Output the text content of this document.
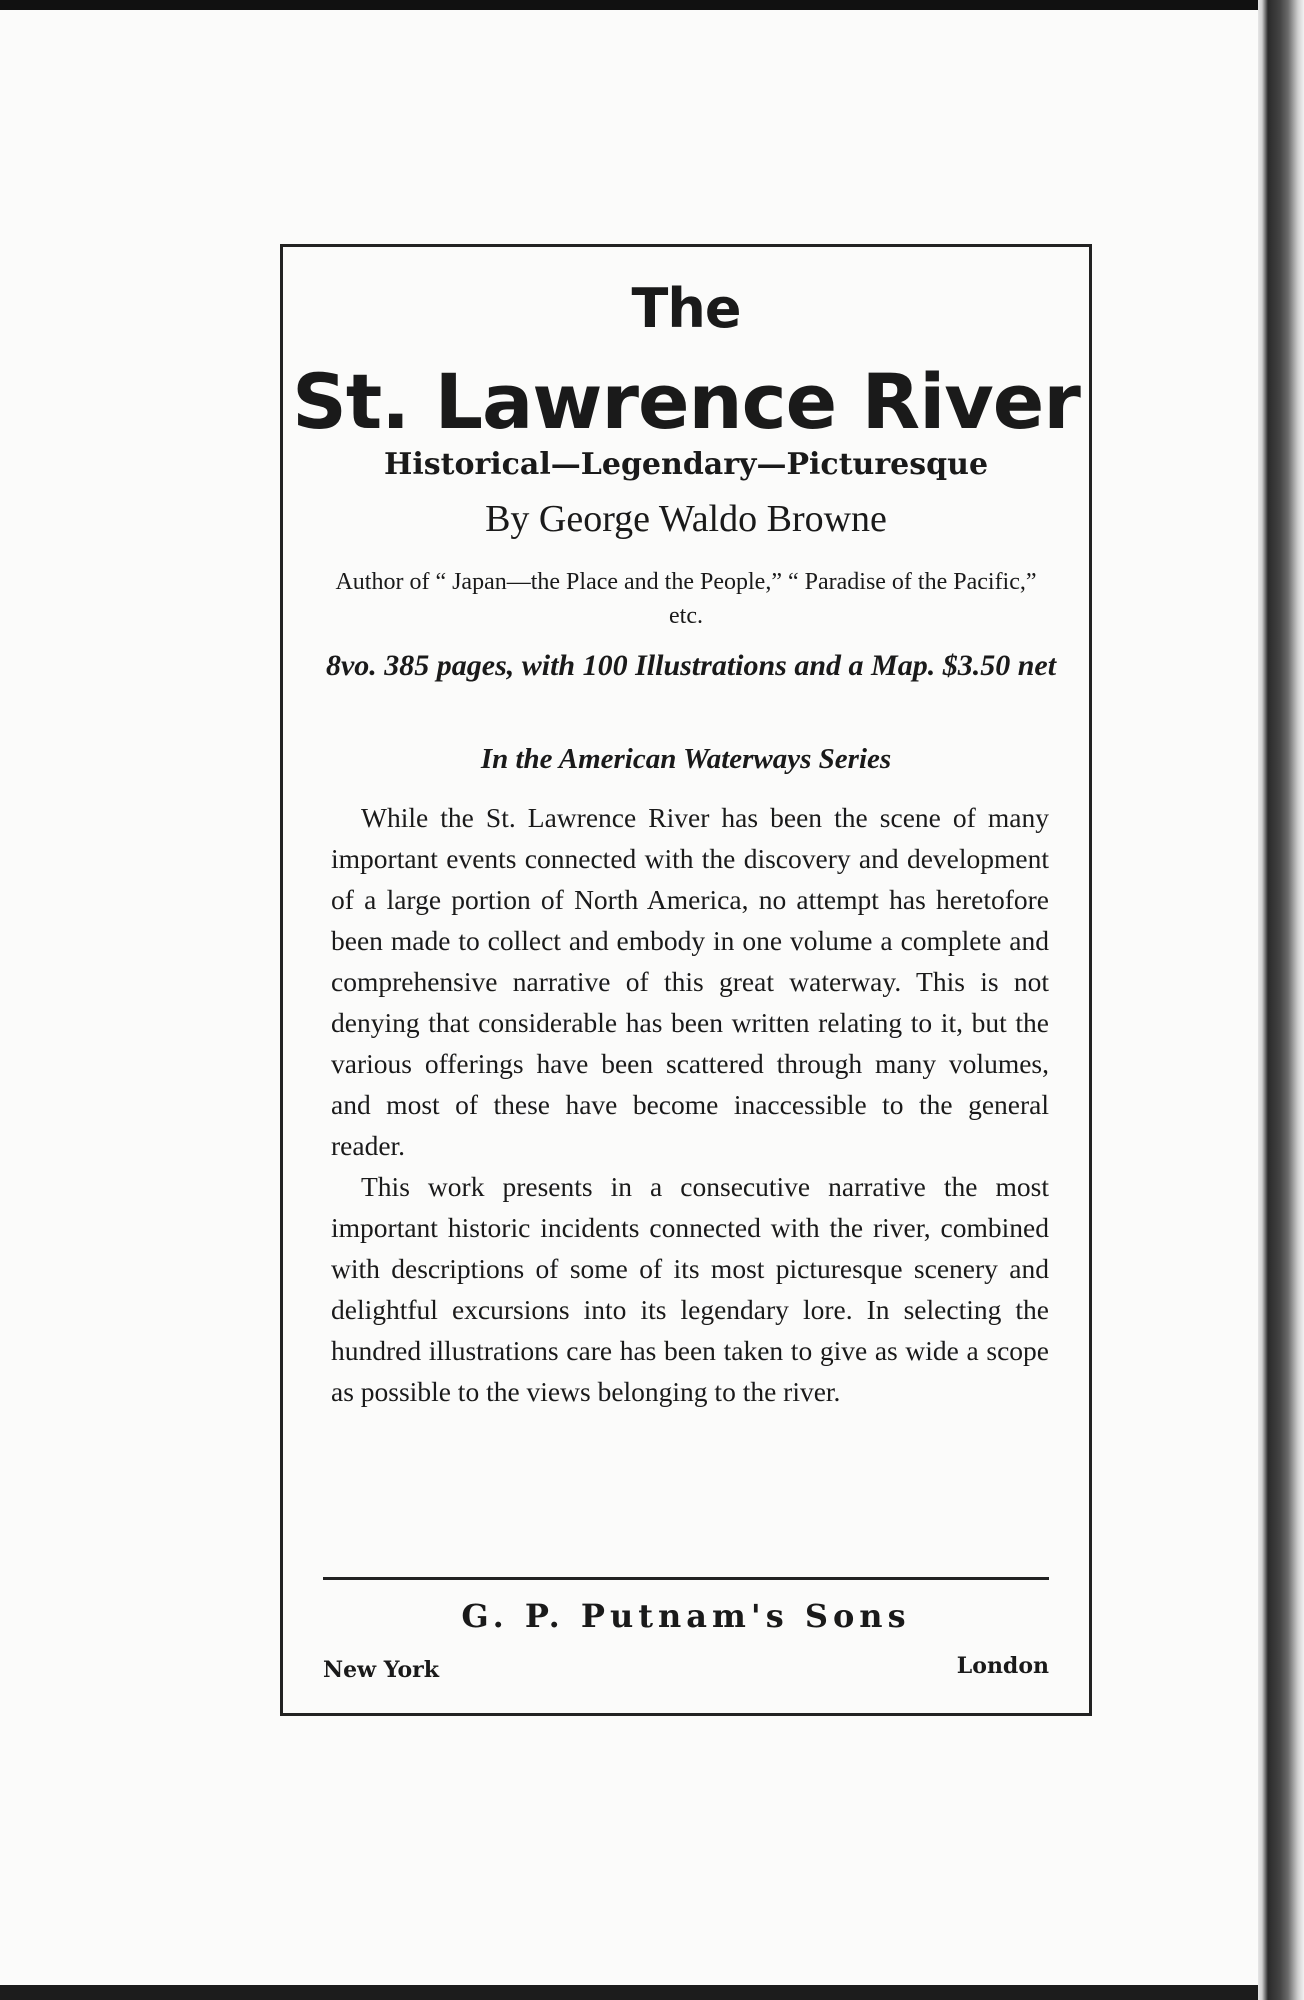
The
St. Lawrence River
Historical—Legendary—Picturesque
By George Waldo Browne
Author of “ Japan—the Place and the People,” “ Paradise of the Pacific,” etc.
8vo. 385 pages, with 100 Illustrations and a Map. $3.50 net
In the American Waterways Series

While the St. Lawrence River has been the scene of many important events connected with the discovery and development of a large portion of North America, no attempt has heretofore been made to collect and embody in one volume a complete and comprehensive narrative of this great waterway. This is not denying that considerable has been written relating to it, but the various offerings have been scattered through many volumes, and most of these have become inaccessible to the general reader.

This work presents in a consecutive narrative the most important historic incidents connected with the river, combined with descriptions of some of its most picturesque scenery and delightful excursions into its legendary lore. In selecting the hundred illustrations care has been taken to give as wide a scope as possible to the views belonging to the river.

G. P. Putnam's Sons
New York	London
